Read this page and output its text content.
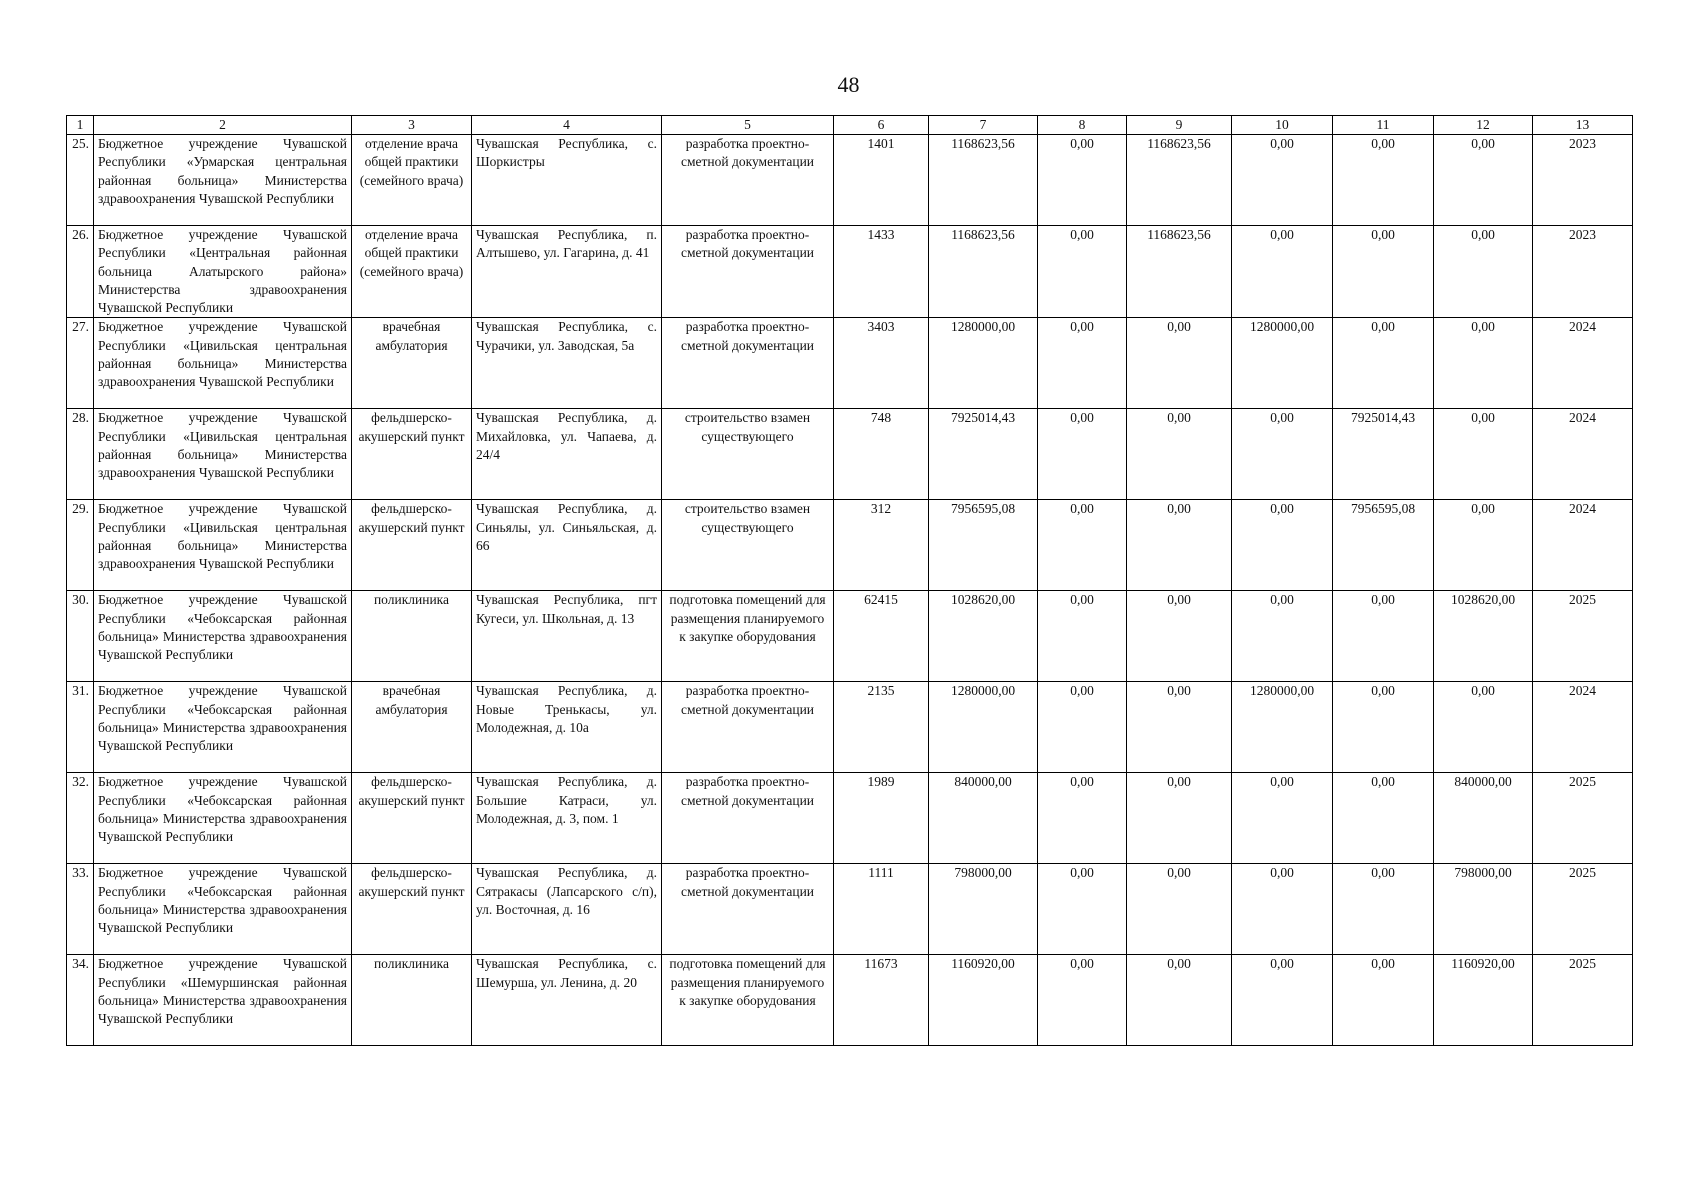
48
1	2	3	4	5	6	7	8	9	10	11	12	13
25.	Бюджетное учреждение Чувашской Республики «Урмарская центральная районная больница» Министерства здравоохранения Чувашской Республики	отделение врача общей практики (семейного врача)	Чувашская Республика, с. Шоркистры	разработка проектно-сметной документации	1401	1168623,56	0,00	1168623,56	0,00	0,00	0,00	2023
26.	Бюджетное учреждение Чувашской Республики «Центральная районная больница Алатырского района» Министерства здравоохранения Чувашской Республики	отделение врача общей практики (семейного врача)	Чувашская Республика, п. Алтышево, ул. Гагарина, д. 41	разработка проектно-сметной документации	1433	1168623,56	0,00	1168623,56	0,00	0,00	0,00	2023
27.	Бюджетное учреждение Чувашской Республики «Цивильская центральная районная больница» Министерства здравоохранения Чувашской Республики	врачебная амбулатория	Чувашская Республика, с. Чурачики, ул. Заводская, 5а	разработка проектно-сметной документации	3403	1280000,00	0,00	0,00	1280000,00	0,00	0,00	2024
28.	Бюджетное учреждение Чувашской Республики «Цивильская центральная районная больница» Министерства здравоохранения Чувашской Республики	фельдшерско-акушерский пункт	Чувашская Республика, д. Михайловка, ул. Чапаева, д. 24/4	строительство взамен существующего	748	7925014,43	0,00	0,00	0,00	7925014,43	0,00	2024
29.	Бюджетное учреждение Чувашской Республики «Цивильская центральная районная больница» Министерства здравоохранения Чувашской Республики	фельдшерско-акушерский пункт	Чувашская Республика, д. Синьялы, ул. Синьяльская, д. 66	строительство взамен существующего	312	7956595,08	0,00	0,00	0,00	7956595,08	0,00	2024
30.	Бюджетное учреждение Чувашской Республики «Чебоксарская районная больница» Министерства здравоохранения Чувашской Республики	поликлиника	Чувашская Республика, пгт Кугеси, ул. Школьная, д. 13	подготовка помещений для размещения планируемого к закупке оборудования	62415	1028620,00	0,00	0,00	0,00	0,00	1028620,00	2025
31.	Бюджетное учреждение Чувашской Республики «Чебоксарская районная больница» Министерства здравоохранения Чувашской Республики	врачебная амбулатория	Чувашская Республика, д. Новые Тренькасы, ул. Молодежная, д. 10а	разработка проектно-сметной документации	2135	1280000,00	0,00	0,00	1280000,00	0,00	0,00	2024
32.	Бюджетное учреждение Чувашской Республики «Чебоксарская районная больница» Министерства здравоохранения Чувашской Республики	фельдшерско-акушерский пункт	Чувашская Республика, д. Большие Катраси, ул. Молодежная, д. 3, пом. 1	разработка проектно-сметной документации	1989	840000,00	0,00	0,00	0,00	0,00	840000,00	2025
33.	Бюджетное учреждение Чувашской Республики «Чебоксарская районная больница» Министерства здравоохранения Чувашской Республики	фельдшерско-акушерский пункт	Чувашская Республика, д. Сятракасы (Лапсарского с/п), ул. Восточная, д. 16	разработка проектно-сметной документации	1111	798000,00	0,00	0,00	0,00	0,00	798000,00	2025
34.	Бюджетное учреждение Чувашской Республики «Шемуршинская районная больница» Министерства здравоохранения Чувашской Республики	поликлиника	Чувашская Республика, с. Шемурша, ул. Ленина, д. 20	подготовка помещений для размещения планируемого к закупке оборудования	11673	1160920,00	0,00	0,00	0,00	0,00	1160920,00	2025
